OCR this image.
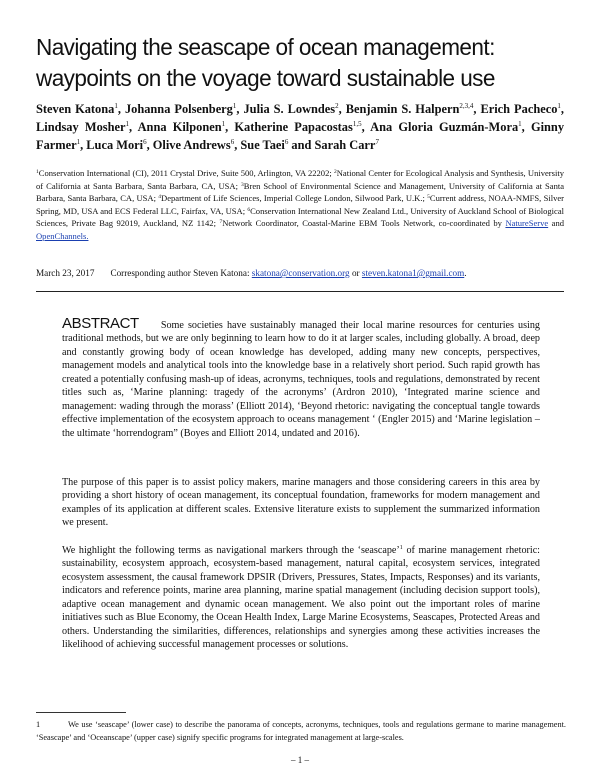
Navigating the seascape of ocean management: waypoints on the voyage toward sustainable use

Steven Katona$^1$, Johanna Polsenberg$^1$, Julia S. Lowndes$^2$, Benjamin S. Halpern$^{2,3,4}$, Erich Pacheco$^1$, Lindsay Mosher$^1$, Anna Kilponen$^1$, Katherine Papacostas$^{1,5}$, Ana Gloria Guzmán-Mora$^1$, Ginny Farmer$^1$, Luca Mori$^6$, Olive Andrews$^6$, Sue Taei$^6$ and Sarah Carr$^7$

$^1$Conservation International (CI), 2011 Crystal Drive, Suite 500, Arlington, VA 22202; $^2$National Center for Ecological Analysis and Synthesis, University of California at Santa Barbara, Santa Barbara, CA, USA; $^3$Bren School of Environmental Science and Management, University of California at Santa Barbara, Santa Barbara, CA, USA; $^4$Department of Life Sciences, Imperial College London, Silwood Park, U.K.; $^5$Current address, NOAA-NMFS, Silver Spring, MD, USA and ECS Federal LLC, Fairfax, VA, USA; $^6$Conservation International New Zealand Ltd., University of Auckland School of Biological Sciences, Private Bag 92019, Auckland, NZ 1142; $^7$Network Coordinator, Coastal-Marine EBM Tools Network, co-coordinated by NatureServe and OpenChannels.

March 23, 2017 Corresponding author Steven Katona: skatona@conservation.org or steven.katona1@gmail.com.

ABSTRACT Some societies have sustainably managed their local marine resources for centuries using traditional methods, but we are only beginning to learn how to do it at larger scales, including globally. A broad, deep and constantly growing body of ocean knowledge has developed, adding many new concepts, perspectives, management models and analytical tools into the knowledge base in a relatively short period. Such rapid growth has created a potentially confusing mash-up of ideas, acronyms, techniques, tools and regulations, demonstrated by recent titles such as, ‘Marine planning: tragedy of the acronyms’ (Ardron 2010), ‘Integrated marine science and management: wading through the morass’ (Elliott 2014), ‘Beyond rhetoric: navigating the conceptual tangle towards effective implementation of the ecosystem approach to oceans management ‘ (Engler 2015) and ‘Marine legislation – the ultimate ‘horrendogram” (Boyes and Elliott 2014, undated and 2016).

The purpose of this paper is to assist policy makers, marine managers and those considering careers in this area by providing a short history of ocean management, its conceptual foundation, frameworks for modern management and examples of its application at different scales. Extensive literature exists to supplement the summarized information we present.

We highlight the following terms as navigational markers through the ‘seascape’$^1$ of marine management rhetoric: sustainability, ecosystem approach, ecosystem-based management, natural capital, ecosystem services, integrated ecosystem assessment, the causal framework DPSIR (Drivers, Pressures, States, Impacts, Responses) and its variants, indicators and reference points, marine area planning, marine spatial management (including decision support tools), adaptive ocean management and dynamic ocean management. We also point out the important roles of marine initiatives such as Blue Economy, the Ocean Health Index, Large Marine Ecosystems, Seascapes, Protected Areas and others. Understanding the similarities, differences, relationships and synergies among these activities increases the likelihood of achieving successful management processes or solutions.

1	We use ‘seascape’ (lower case) to describe the panorama of concepts, acronyms, techniques, tools and regulations germane to marine management. ‘Seascape’ and ‘Oceanscape’ (upper case) signify specific programs for integrated management at large-scales.

– 1 –
